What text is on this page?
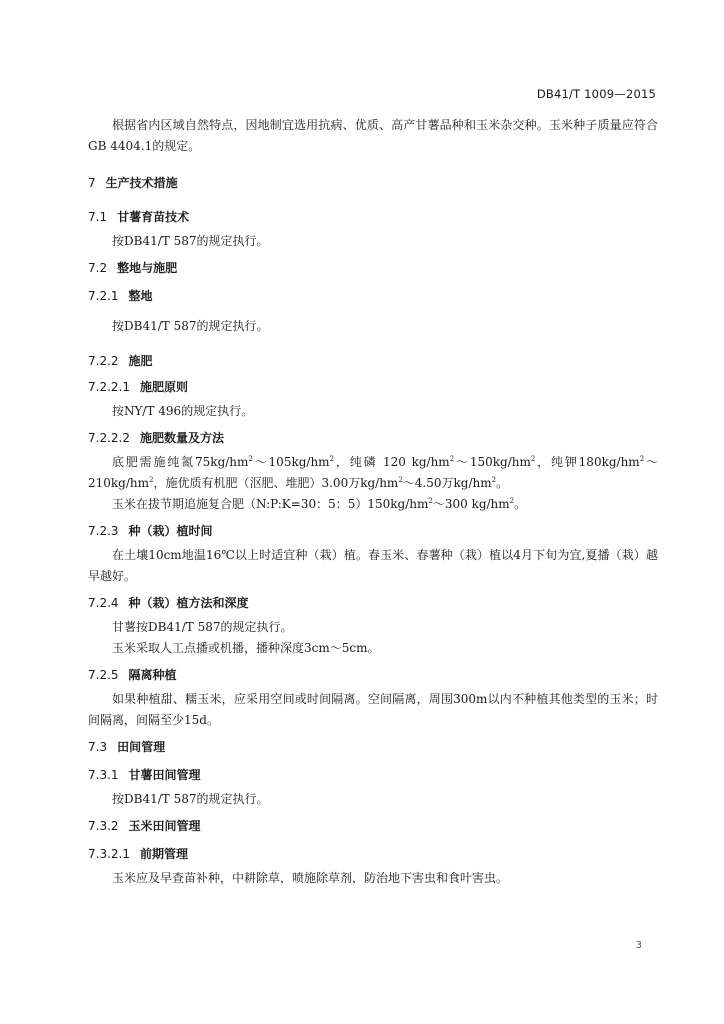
DB41/T 1009—2015

根据省内区域自然特点，因地制宜选用抗病、优质、高产甘薯品种和玉米杂交种。玉米种子质量应符合GB 4404.1的规定。

7 生产技术措施
7.1 甘薯育苗技术

按DB41/T 587的规定执行。

7.2 整地与施肥
7.2.1 整地

按DB41/T 587的规定执行。

7.2.2 施肥
7.2.2.1 施肥原则

按NY/T 496的规定执行。

7.2.2.2 施肥数量及方法

底肥需施纯氮$75kg/hm^2\sim 105kg/hm^2$，纯磷 120 $kg/hm^2\sim 150kg/hm^2$，纯钾$180kg/hm^2\sim 210kg/hm^2$，施优质有机肥（沤肥、堆肥）3.00万$kg/hm^2\sim 4.50$万$kg/hm^2$。

玉米在拔节期追施复合肥（N:P:K=30：5：$5)150kg/hm^2\sim 300$ $kg/hm^2$。

7.2.3 种（栽）植时间

在土壤10cm地温16℃以上时适宜种（栽）植。春玉米、春薯种（栽）植以4月下旬为宜,夏播（栽）越早越好。

7.2.4 种（栽）植方法和深度

甘薯按DB41/T 587的规定执行。

玉米采取人工点播或机播，播种深度3cm～5cm。

7.2.5 隔离种植

如果种植甜、糯玉米，应采用空间或时间隔离。空间隔离，周围300m以内不种植其他类型的玉米；时间隔离，间隔至少15d。

7.3 田间管理
7.3.1 甘薯田间管理

按DB41/T 587的规定执行。

7.3.2 玉米田间管理
7.3.2.1 前期管理

玉米应及早查苗补种，中耕除草，喷施除草剂，防治地下害虫和食叶害虫。

3
